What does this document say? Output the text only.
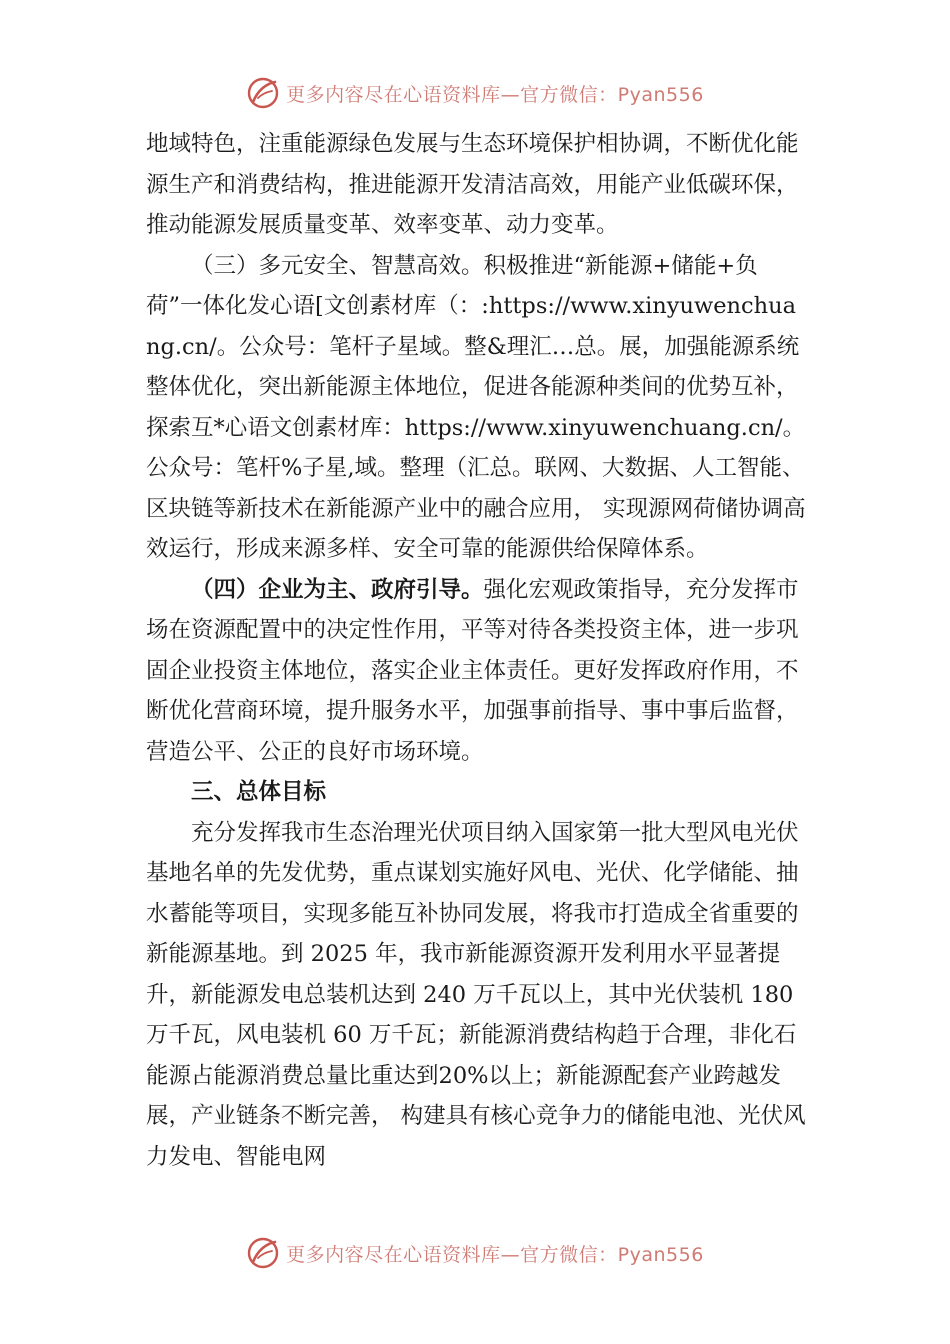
更多内容尽在心语资料库—官方微信：Pyan556

地域特色，注重能源绿色发展与生态环境保护相协调，不断优化能源生产和消费结构，推进能源开发清洁高效，用能产业低碳环保，推动能源发展质量变革、效率变革、动力变革。

（三）多元安全、智慧高效。积极推进“新能源+储能+负荷”一体化发心语[文创素材库（：:https://www.xinyuwenchuang.cn/。公众号：笔杆子星域。整&理汇…总。展，加强能源系统整体优化，突出新能源主体地位，促进各能源种类间的优势互补，探索互*心语文创素材库：https://www.xinyuwenchuang.cn/。公众号：笔杆%子星,域。整理（汇总。联网、大数据、人工智能、区块链等新技术在新能源产业中的融合应用， 实现源网荷储协调高效运行，形成来源多样、安全可靠的能源供给保障体系。

（四）企业为主、政府引导。强化宏观政策指导，充分发挥市场在资源配置中的决定性作用，平等对待各类投资主体，进一步巩固企业投资主体地位，落实企业主体责任。更好发挥政府作用，不断优化营商环境，提升服务水平，加强事前指导、事中事后监督，营造公平、公正的良好市场环境。

三、总体目标

充分发挥我市生态治理光伏项目纳入国家第一批大型风电光伏基地名单的先发优势，重点谋划实施好风电、光伏、化学储能、抽水蓄能等项目，实现多能互补协同发展，将我市打造成全省重要的新能源基地。到 2025 年，我市新能源资源开发利用水平显著提升，新能源发电总装机达到 240 万千瓦以上，其中光伏装机 180 万千瓦，风电装机 60 万千瓦；新能源消费结构趋于合理，非化石能源占能源消费总量比重达到20%以上；新能源配套产业跨越发展，产业链条不断完善， 构建具有核心竞争力的储能电池、光伏风力发电、智能电网

更多内容尽在心语资料库—官方微信：Pyan556
